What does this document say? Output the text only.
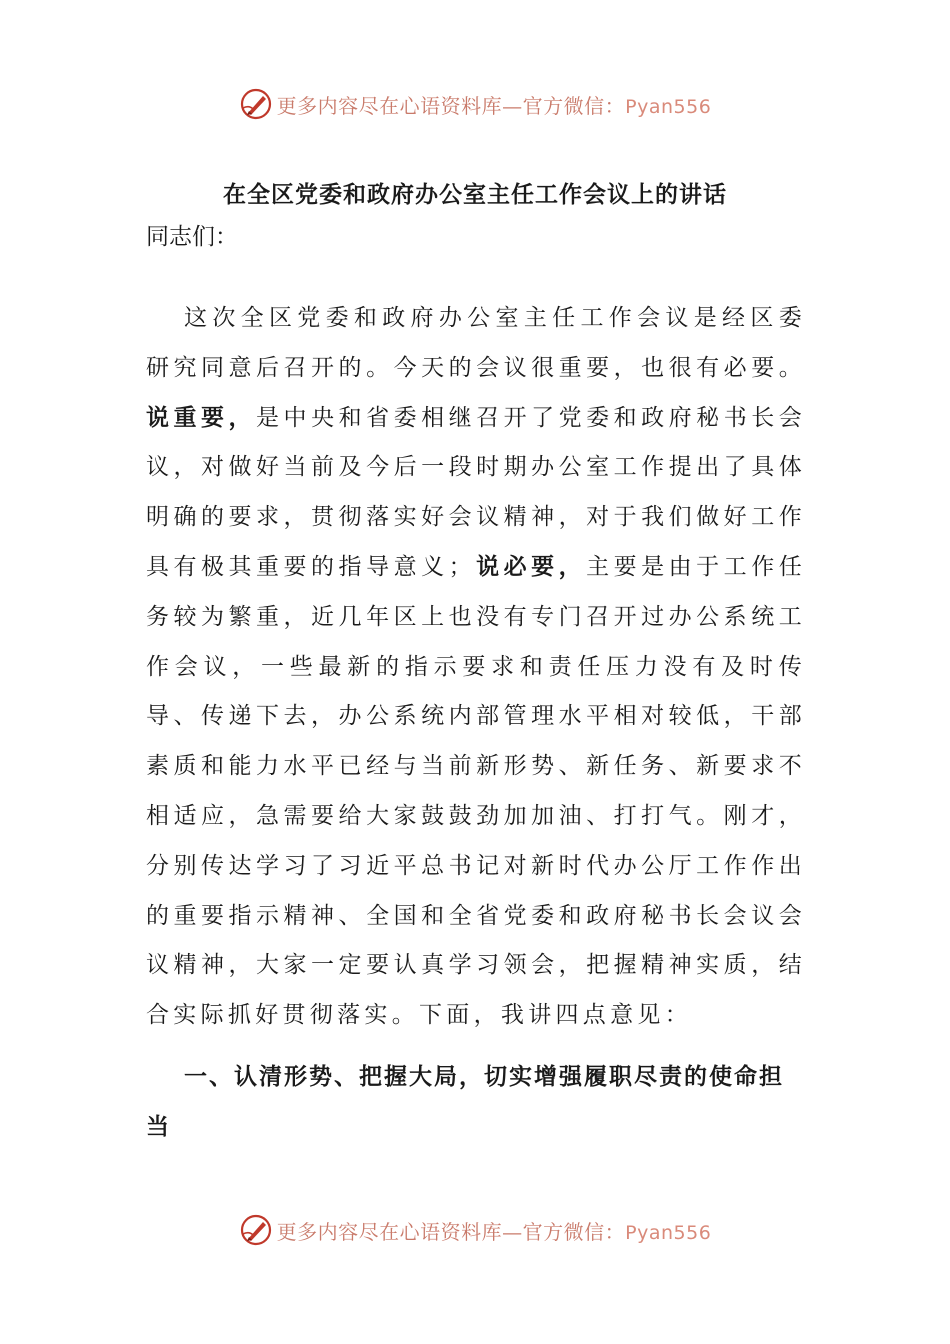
更多内容尽在心语资料库—官方微信：Pyan556
在全区党委和政府办公室主任工作会议上的讲话
同志们：

这次全区党委和政府办公室主任工作会议是经区委研究同意后召开的。今天的会议很重要，也很有必要。说重要，是中央和省委相继召开了党委和政府秘书长会议，对做好当前及今后一段时期办公室工作提出了具体明确的要求，贯彻落实好会议精神，对于我们做好工作具有极其重要的指导意义；说必要，主要是由于工作任务较为繁重，近几年区上也没有专门召开过办公系统工作会议，一些最新的指示要求和责任压力没有及时传导、传递下去，办公系统内部管理水平相对较低，干部素质和能力水平已经与当前新形势、新任务、新要求不相适应，急需要给大家鼓鼓劲加加油、打打气。刚才，分别传达学习了习近平总书记对新时代办公厅工作作出的重要指示精神、全国和全省党委和政府秘书长会议会议精神，大家一定要认真学习领会，把握精神实质，结合实际抓好贯彻落实。下面，我讲四点意见：

一、认清形势、把握大局，切实增强履职尽责的使命担当

更多内容尽在心语资料库—官方微信：Pyan556
